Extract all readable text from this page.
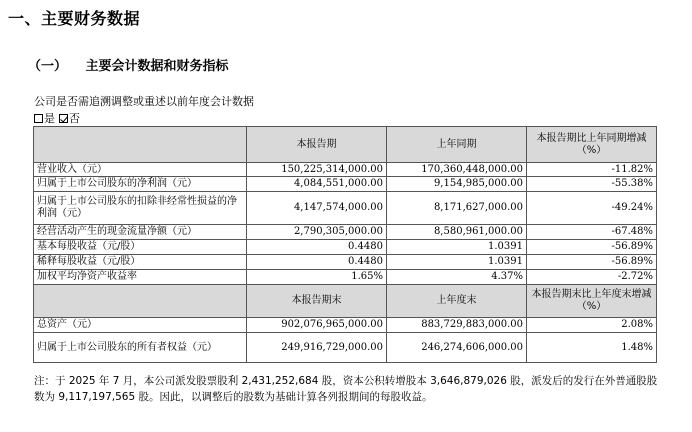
一、主要财务数据
（一） 主要会计数据和财务指标
公司是否需追溯调整或重述以前年度会计数据
是 否
	本报告期	上年同期	本报告期比上年同期增减（%）
营业收入（元）	150,225,314,000.00	170,360,448,000.00	-11.82%
归属于上市公司股东的净利润（元）	4,084,551,000.00	9,154,985,000.00	-55.38%
归属于上市公司股东的扣除非经常性损益的净利润（元）	4,147,574,000.00	8,171,627,000.00	-49.24%
经营活动产生的现金流量净额（元）	2,790,305,000.00	8,580,961,000.00	-67.48%
基本每股收益（元/股）	0.4480	1.0391	-56.89%
稀释每股收益（元/股）	0.4480	1.0391	-56.89%
加权平均净资产收益率	1.65%	4.37%	-2.72%
	本报告期末	上年度末	本报告期末比上年度末增减（%）
总资产（元）	902,076,965,000.00	883,729,883,000.00	2.08%
归属于上市公司股东的所有者权益（元）	249,916,729,000.00	246,274,606,000.00	1.48%
注：于 2025 年 7 月，本公司派发股票股利 2,431,252,684 股，资本公积转增股本 3,646,879,026 股，派发后的发行在外普通股股数为 9,117,197,565 股。因此，以调整后的股数为基础计算各列报期间的每股收益。
